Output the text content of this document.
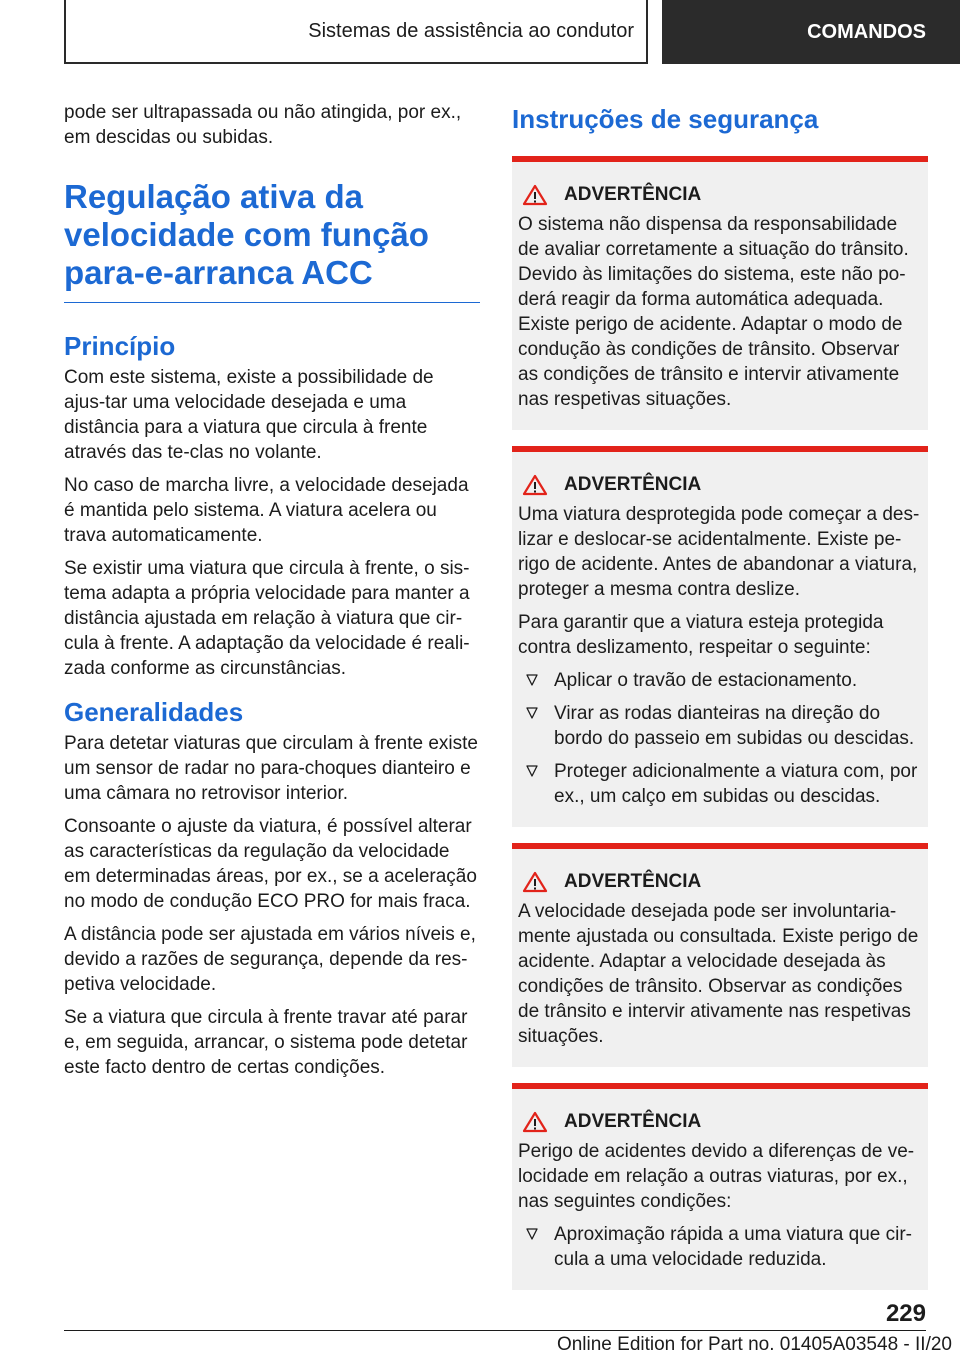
Sistemas de assistência ao condutor	COMANDOS

pode ser ultrapassada ou não atingida, por ex., em descidas ou subidas.

Regulação ativa da velocidade com função para-e-arranca ACC
Princípio

Com este sistema, existe a possibilidade de ajus-tar uma velocidade desejada e uma distância para a viatura que circula à frente através das te-clas no volante.

No caso de marcha livre, a velocidade desejada é mantida pelo sistema. A viatura acelera ou trava automaticamente.

Se existir uma viatura que circula à frente, o sis-tema adapta a própria velocidade para manter a distância ajustada em relação à viatura que cir-cula à frente. A adaptação da velocidade é reali-zada conforme as circunstâncias.

Generalidades

Para detetar viaturas que circulam à frente existe um sensor de radar no para-choques dianteiro e uma câmara no retrovisor interior.

Consoante o ajuste da viatura, é possível alterar as características da regulação da velocidade em determinadas áreas, por ex., se a aceleração no modo de condução ECO PRO for mais fraca.

A distância pode ser ajustada em vários níveis e, devido a razões de segurança, depende da res-petiva velocidade.

Se a viatura que circula à frente travar até parar e, em seguida, arrancar, o sistema pode detetar este facto dentro de certas condições.

Instruções de segurança
ADVERTÊNCIA

O sistema não dispensa da responsabilidade de avaliar corretamente a situação do trânsito. Devido às limitações do sistema, este não po-derá reagir da forma automática adequada. Existe perigo de acidente. Adaptar o modo de condução às condições de trânsito. Observar as condições de trânsito e intervir ativamente nas respetivas situações.

ADVERTÊNCIA

Uma viatura desprotegida pode começar a des-lizar e deslocar-se acidentalmente. Existe pe-rigo de acidente. Antes de abandonar a viatura, proteger a mesma contra deslize.

Para garantir que a viatura esteja protegida contra deslizamento, respeitar o seguinte:

Aplicar o travão de estacionamento.
Virar as rodas dianteiras na direção do bordo do passeio em subidas ou descidas.
Proteger adicionalmente a viatura com, por ex., um calço em subidas ou descidas.
ADVERTÊNCIA

A velocidade desejada pode ser involuntaria-mente ajustada ou consultada. Existe perigo de acidente. Adaptar a velocidade desejada às condições de trânsito. Observar as condições de trânsito e intervir ativamente nas respetivas situações.

ADVERTÊNCIA

Perigo de acidentes devido a diferenças de ve-locidade em relação a outras viaturas, por ex., nas seguintes condições:

Aproximação rápida a uma viatura que cir-cula a uma velocidade reduzida.
229
Online Edition for Part no. 01405A03548 - II/20
